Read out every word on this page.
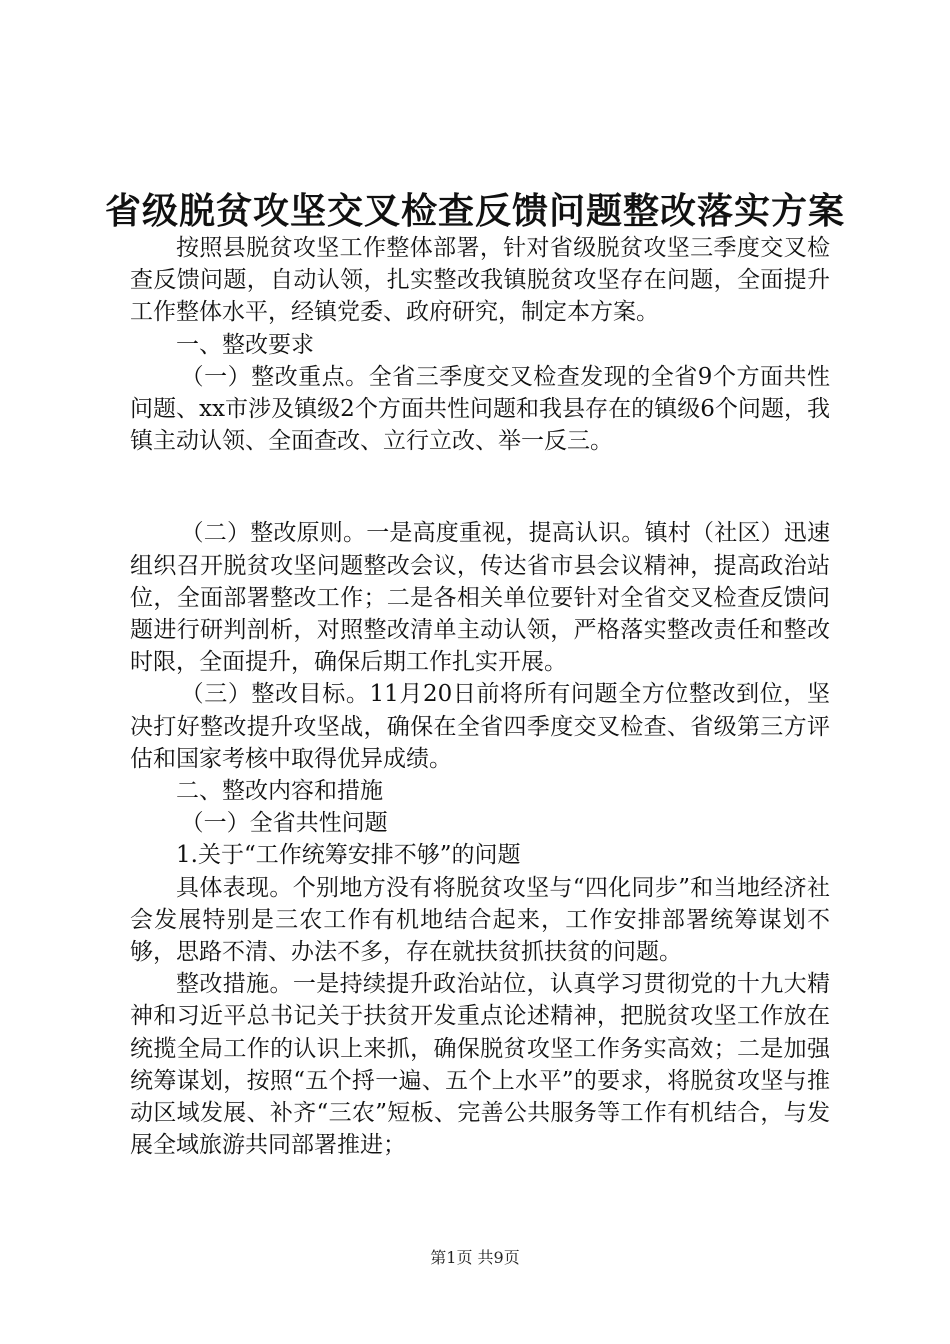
省级脱贫攻坚交叉检查反馈问题整改落实方案

按照县脱贫攻坚工作整体部署，针对省级脱贫攻坚三季度交叉检查反馈问题，自动认领，扎实整改我镇脱贫攻坚存在问题，全面提升工作整体水平，经镇党委、政府研究，制定本方案。

一、整改要求

（一）整改重点。全省三季度交叉检查发现的全省9个方面共性问题、xx市涉及镇级2个方面共性问题和我县存在的镇级6个问题，我镇主动认领、全面查改、立行立改、举一反三。

（二）整改原则。一是高度重视，提高认识。镇村（社区）迅速组织召开脱贫攻坚问题整改会议，传达省市县会议精神，提高政治站位，全面部署整改工作；二是各相关单位要针对全省交叉检查反馈问题进行研判剖析，对照整改清单主动认领，严格落实整改责任和整改时限，全面提升，确保后期工作扎实开展。

（三）整改目标。11月20日前将所有问题全方位整改到位，坚决打好整改提升攻坚战，确保在全省四季度交叉检查、省级第三方评估和国家考核中取得优异成绩。

二、整改内容和措施

（一）全省共性问题

1.关于“工作统筹安排不够”的问题

具体表现。个别地方没有将脱贫攻坚与“四化同步”和当地经济社会发展特别是三农工作有机地结合起来，工作安排部署统筹谋划不够，思路不清、办法不多，存在就扶贫抓扶贫的问题。

整改措施。一是持续提升政治站位，认真学习贯彻党的十九大精神和习近平总书记关于扶贫开发重点论述精神，把脱贫攻坚工作放在统揽全局工作的认识上来抓，确保脱贫攻坚工作务实高效；二是加强统筹谋划，按照“五个捋一遍、五个上水平”的要求，将脱贫攻坚与推动区域发展、补齐“三农”短板、完善公共服务等工作有机结合，与发展全域旅游共同部署推进；

第1页 共9页
